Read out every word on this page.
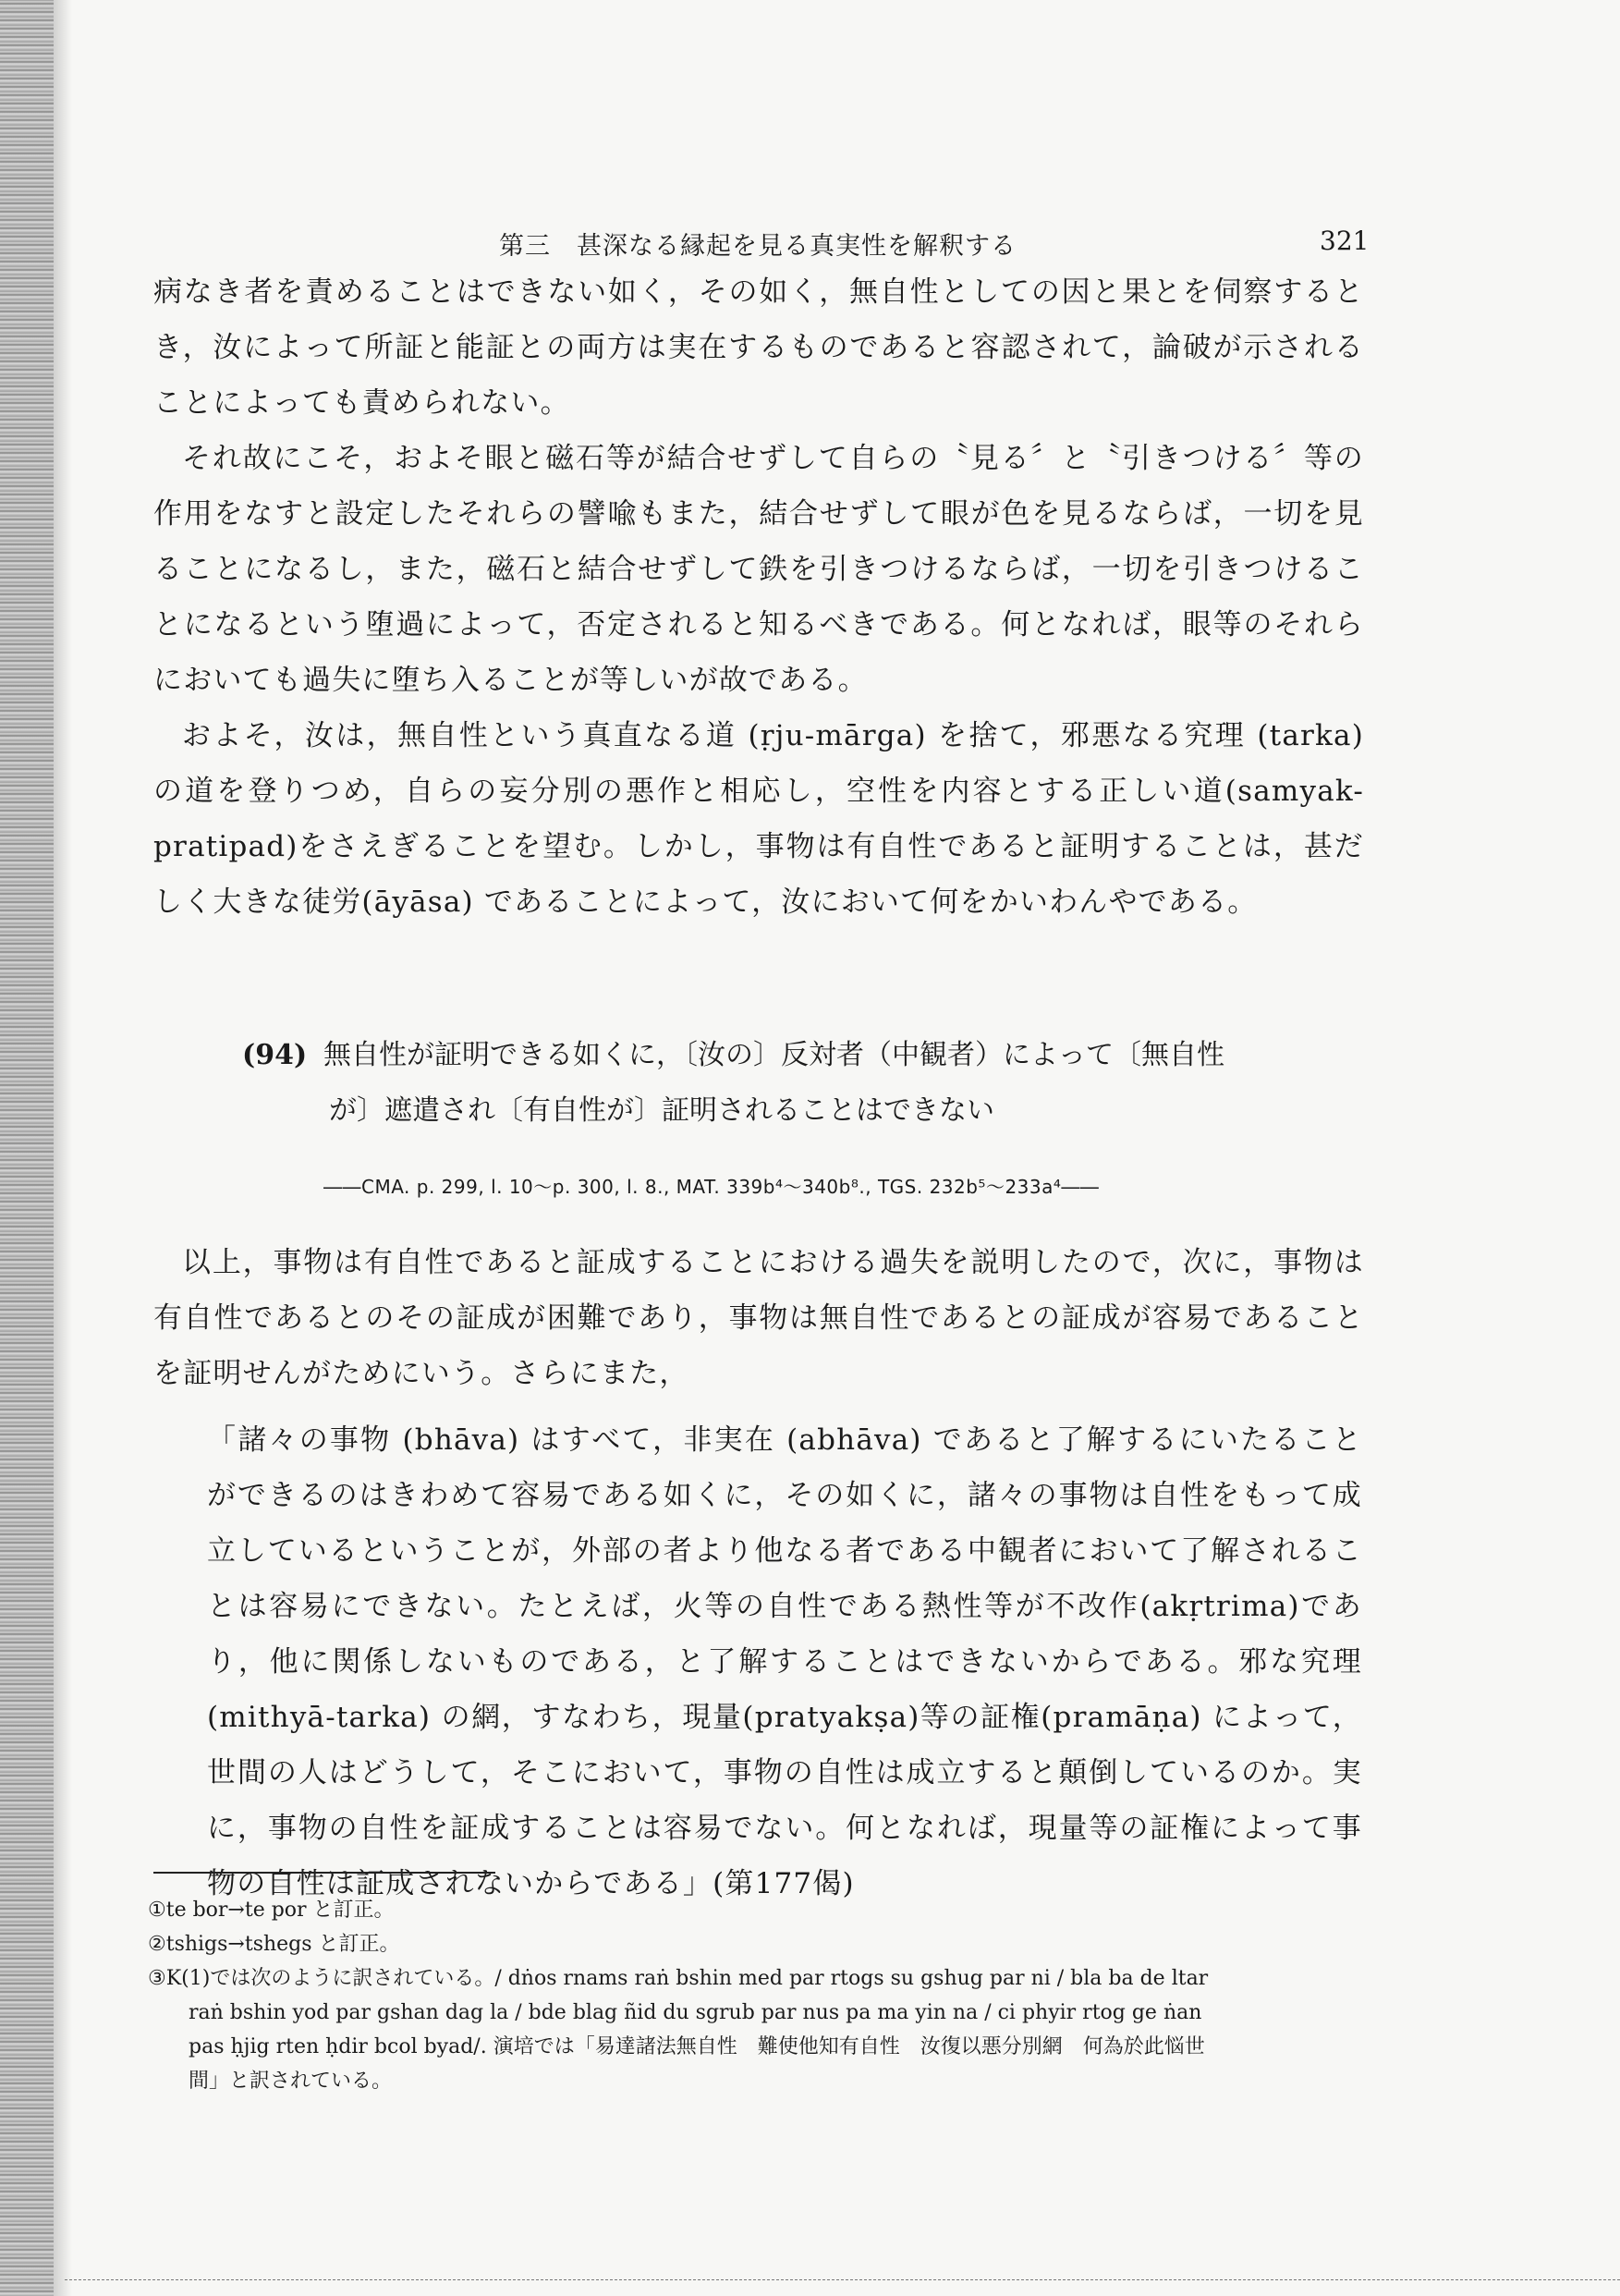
第三　甚深なる縁起を見る真実性を解釈する	321

病なき者を責めることはできない如く，その如く，無自性としての因と果とを伺察するとき，汝によって所証と能証との両方は実在するものであると容認されて，論破が示されることによっても責められない。

それ故にこそ，およそ眼と磁石等が結合せずして自らの〝見る〞と〝引きつける〞等の作用をなすと設定したそれらの譬喩もまた，結合せずして眼が色を見るならば，一切を見ることになるし，また，磁石と結合せずして鉄を引きつけるならば，一切を引きつけることになるという堕過によって，否定されると知るべきである。何となれば，眼等のそれらにおいても過失に堕ち入ることが等しいが故である。

およそ，汝は，無自性という真直なる道 (ṛju-mārga) を捨て，邪悪なる究理 (tarka) の道を登りつめ，自らの妄分別の悪作と相応し，空性を内容とする正しい道(samyak-pratipad)をさえぎることを望む。しかし，事物は有自性であると証明することは，甚だしく大きな徒労(āyāsa) であることによって，汝において何をかいわんやである。

(94) 無自性が証明できる如くに，〔汝の〕反対者（中観者）によって〔無自性
が〕遮遣され〔有自性が〕証明されることはできない
――CMA. p. 299, l. 10〜p. 300, l. 8., MAT. 339b⁴〜340b⁸., TGS. 232b⁵〜233a⁴――

以上，事物は有自性であると証成することにおける過失を説明したので，次に，事物は有自性であるとのその証成が困難であり，事物は無自性であるとの証成が容易であることを証明せんがためにいう。さらにまた，

「諸々の事物 (bhāva) はすべて，非実在 (abhāva) であると了解するにいたることができるのはきわめて容易である如くに，その如くに，諸々の事物は自性をもって成立しているということが，外部の者より他なる者である中観者において了解されることは容易にできない。たとえば，火等の自性である熱性等が不改作(akṛtrima)であり，他に関係しないものである，と了解することはできないからである。邪な究理 (mithyā-tarka) の網，すなわち，現量(pratyakṣa)等の証権(pramāṇa) によって，世間の人はどうして，そこにおいて，事物の自性は成立すると顛倒しているのか。実に，事物の自性を証成することは容易でない。何となれば，現量等の証権によって事物の自性は証成されないからである」(第177偈)

①te bor→te por と訂正。

②tshigs→tshegs と訂正。

③K(1)では次のように訳されている。/ dṅos rnams raṅ bshin med par rtogs su gshug par ni / bla ba de ltar

raṅ bshin yod par gshan dag la / bde blag ñid du sgrub par nus pa ma yin na / ci phyir rtog ge ṅan

pas ḥjig rten ḥdir bcol byad/. 演培では「易達諸法無自性　難使他知有自性　汝復以悪分別網　何為於此悩世

間」と訳されている。
